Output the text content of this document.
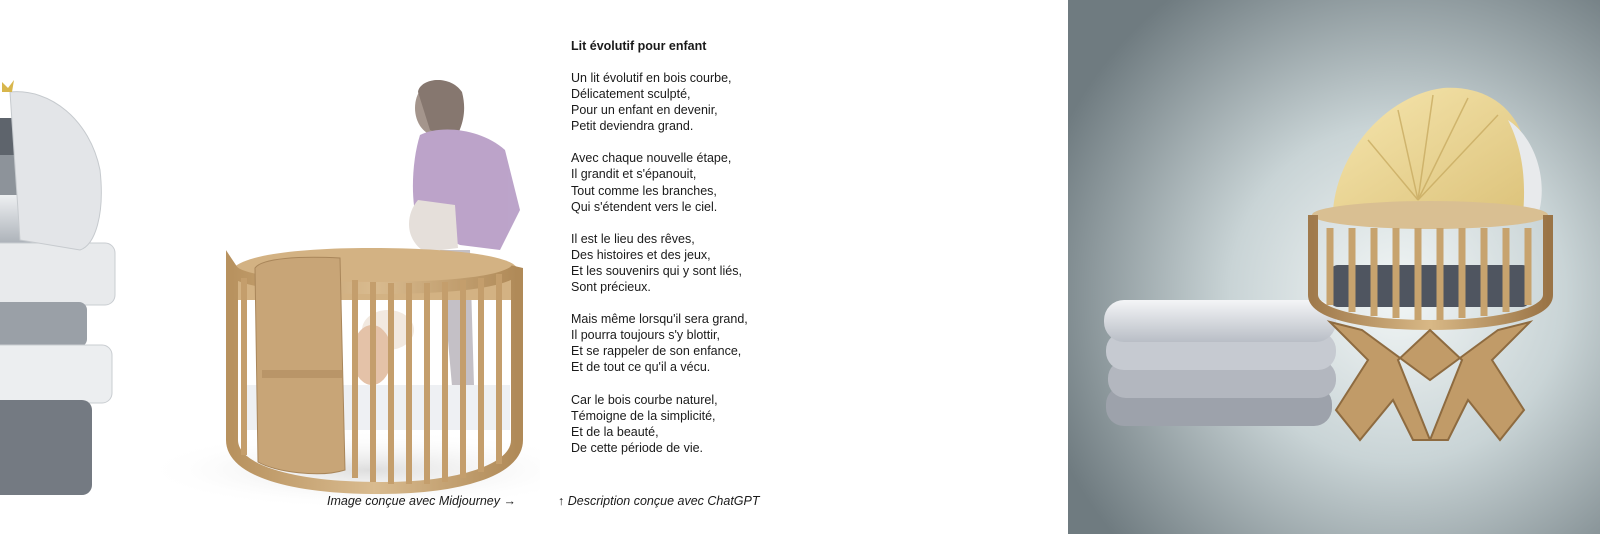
Lit évolutif pour enfant
Un lit évolutif en bois courbe,
Délicatement sculpté,
Pour un enfant en devenir,
Petit deviendra grand.
Avec chaque nouvelle étape,
Il grandit et s'épanouit,
Tout comme les branches,
Qui s'étendent vers le ciel.
Il est le lieu des rêves,
Des histoires et des jeux,
Et les souvenirs qui y sont liés,
Sont précieux.
Mais même lorsqu'il sera grand,
Il pourra toujours s'y blottir,
Et se rappeler de son enfance,
Et de tout ce qu'il a vécu.
Car le bois courbe naturel,
Témoigne de la simplicité,
Et de la beauté,
De cette période de vie.
↑ Description conçue avec ChatGPT
Image conçue avec Midjourney →
